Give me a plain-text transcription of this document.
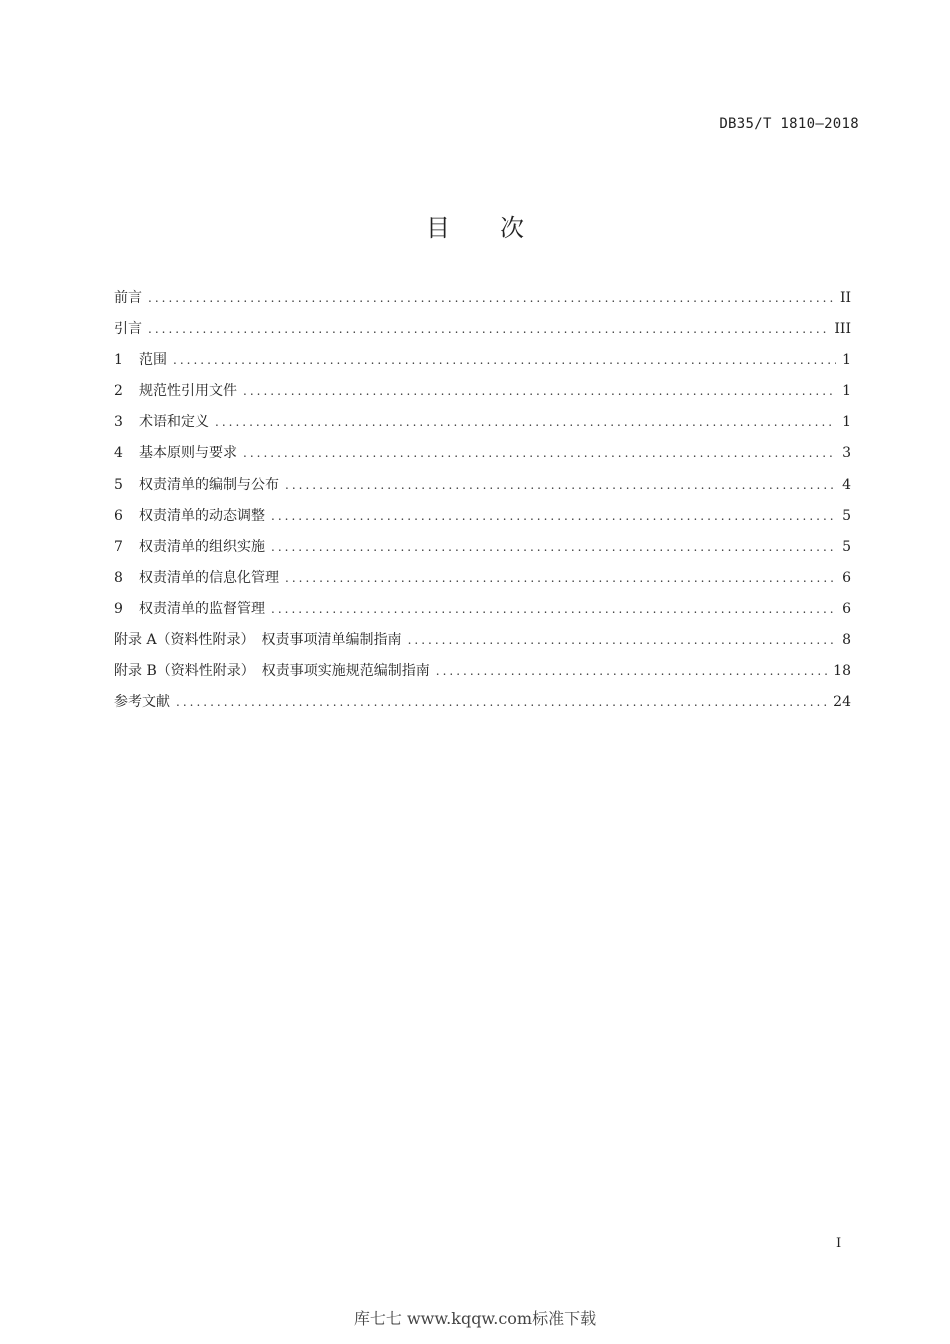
DB35/T 1810—2018
目 次
前言 .....	II
引言 .....	III
1 范围 .....	1
2 规范性引用文件 .....	1
3 术语和定义 .....	1
4 基本原则与要求 .....	3
5 权责清单的编制与公布 .....	4
6 权责清单的动态调整 .....	5
7 权责清单的组织实施 .....	5
8 权责清单的信息化管理 .....	6
9 权责清单的监督管理 .....	6
附录 A（资料性附录）　权责事项清单编制指南 .....	8
附录 B（资料性附录）　权责事项实施规范编制指南 .....	18
参考文献 .....	24
I
库七七 www.kqqw.com标准下载
